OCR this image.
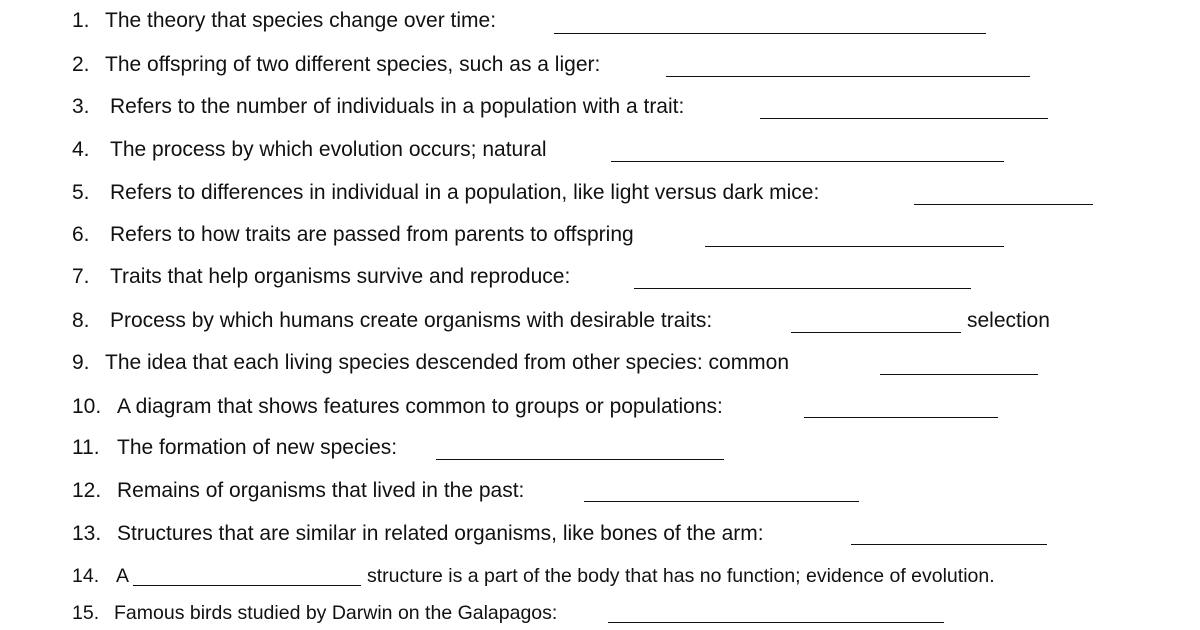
1. The theory that species change over time:
2. The offspring of two different species, such as a liger:
3. Refers to the number of individuals in a population with a trait:
4. The process by which evolution occurs; natural
5. Refers to differences in individual in a population, like light versus dark mice:
6. Refers to how traits are passed from parents to offspring
7. Traits that help organisms survive and reproduce:
8. Process by which humans create organisms with desirable traits:	selection
9. The idea that each living species descended from other species: common
10. A diagram that shows features common to groups or populations:
11. The formation of new species:
12. Remains of organisms that lived in the past:
13. Structures that are similar in related organisms, like bones of the arm:
14. A	structure is a part of the body that has no function; evidence of evolution.
15. Famous birds studied by Darwin on the Galapagos:
